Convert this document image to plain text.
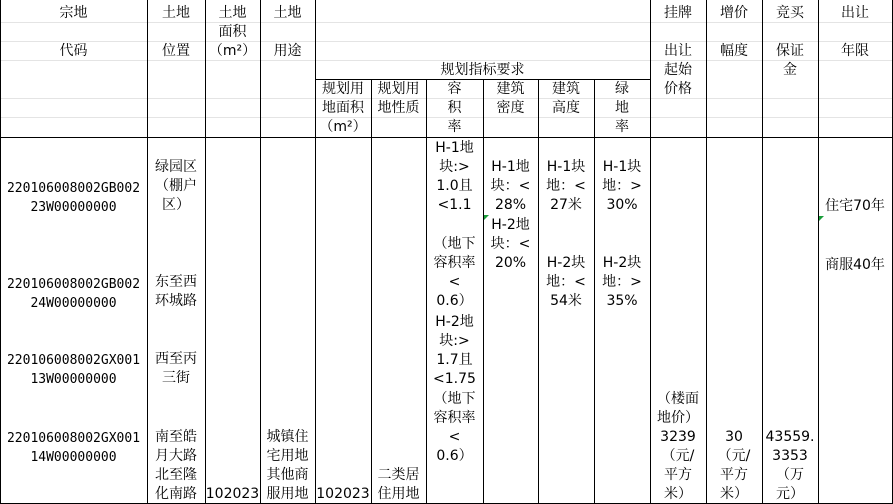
宗地
代码
土地
位置
土地
面积
（m²）
土地
用途
规划指标要求
规划用
地面积
（m²）
规划用
地性质
容
积
率
建筑
密度
建筑
高度
绿
地
率
挂牌
出让
起始
价格
增价
幅度
竞买
保证
金
出让
年限
220106008002GB002
23W00000000
220106008002GB002
24W00000000
220106008002GX001
13W00000000
220106008002GX001
14W00000000
绿园区
（棚户
区）
东至西
环城路
西至丙
三街
南至皓
月大路
北至隆
化南路 102023
城镇住
宅用地
其他商
服用地 102023
二类居
住用地
H-1地
块:>
1.0且
<1.1
（地下
容积率
<
0.6）
H-2地
块:>
1.7且
<1.75
（地下
容积率
<
0.6）
H-1地
块：<
28%
H-2地
块：<
20%
H-1块
地：<
27米
H-2块
地：<
54米
H-1块
地：>
30%
H-2块
地：>
35%
（楼面
地价）
3239
（元/
平方
米）
30
（元/
平方
米）
43559.
3353
（万
元）
住宅70年
商服40年
